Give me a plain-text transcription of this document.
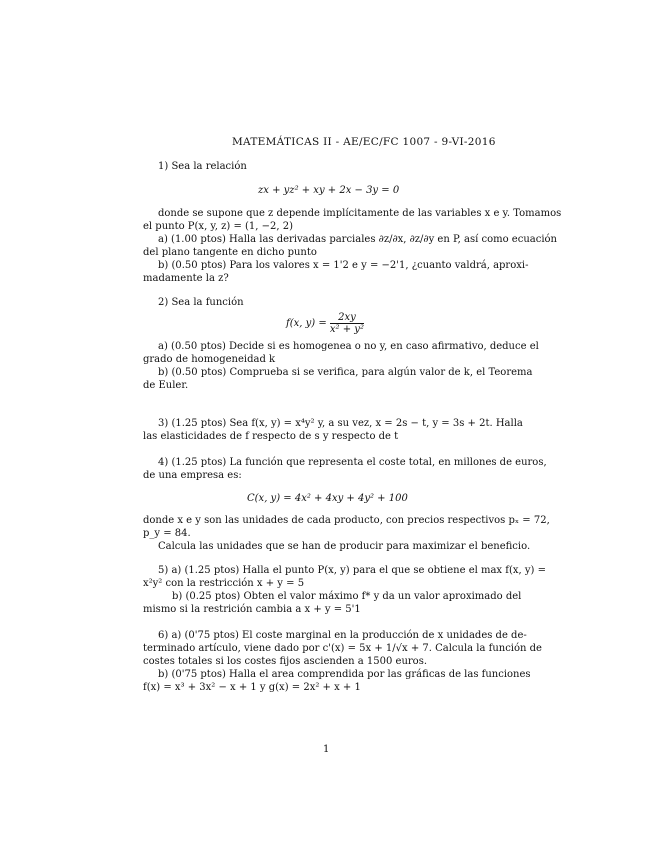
MATEMÁTICAS II - AE/EC/FC 1007 - 9-VI-2016
1) Sea la relación
zx + yz² + xy + 2x − 3y = 0
donde se supone que z depende implícitamente de las variables x e y. Tomamos
el punto P(x, y, z) = (1, −2, 2)
a) (1.00 ptos) Halla las derivadas parciales ∂z/∂x, ∂z/∂y en P, así como ecuación
del plano tangente en dicho punto
b) (0.50 ptos) Para los valores x = 1'2 e y = −2'1, ¿cuanto valdrá, aproxi-
madamente la z?
2) Sea la función
f(x, $y) = \frac{2xy}{\text{x² + y²}}$
a) (0.50 ptos) Decide si es homogenea o no y, en caso afirmativo, deduce el
grado de homogeneidad k
b) (0.50 ptos) Comprueba si se verifica, para algún valor de k, el Teorema
de Euler.
3) (1.25 ptos) Sea f(x, y) = x⁴y² y, a su vez, x = 2s − t, y = 3s + 2t. Halla
las elasticidades de f respecto de s y respecto de t
4) (1.25 ptos) La función que representa el coste total, en millones de euros,
de una empresa es:
C(x, y) = 4x² + 4xy + 4y² + 100
donde x e y son las unidades de cada producto, con precios respectivos pₓ = 72,
p_y = 84.
Calcula las unidades que se han de producir para maximizar el beneficio.
5) a) (1.25 ptos) Halla el punto P(x, y) para el que se obtiene el max f(x, y) =
x²y² con la restricción x + y = 5
b) (0.25 ptos) Obten el valor máximo f* y da un valor aproximado del
mismo si la restrición cambia a x + y = 5'1
6) a) (0'75 ptos) El coste marginal en la producción de x unidades de de-
terminado artículo, viene dado por c'(x) = 5x + 1/√x + 7. Calcula la función de
costes totales si los costes fijos ascienden a 1500 euros.
b) (0'75 ptos) Halla el area comprendida por las gráficas de las funciones
f(x) = x³ + 3x² − x + 1 y g(x) = 2x² + x + 1
1
